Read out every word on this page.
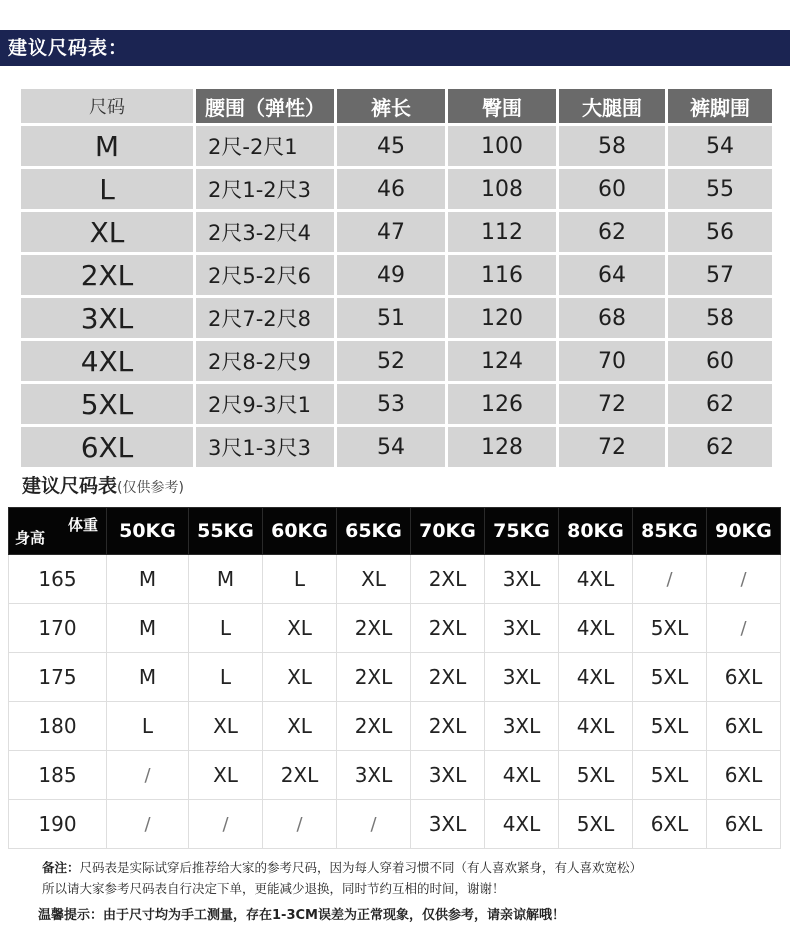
建议尺码表：
尺码	腰围（弹性）	裤长	臀围	大腿围	裤脚围
M	2尺-2尺1	45	100	58	54
L	2尺1-2尺3	46	108	60	55
XL	2尺3-2尺4	47	112	62	56
2XL	2尺5-2尺6	49	116	64	57
3XL	2尺7-2尺8	51	120	68	58
4XL	2尺8-2尺9	52	124	70	60
5XL	2尺9-3尺1	53	126	72	62
6XL	3尺1-3尺3	54	128	72	62
建议尺码表(仅供参考)
体重
身高	50KG	55KG	60KG	65KG	70KG	75KG	80KG	85KG	90KG
165	M	M	L	XL	2XL	3XL	4XL	/	/
170	M	L	XL	2XL	2XL	3XL	4XL	5XL	/
175	M	L	XL	2XL	2XL	3XL	4XL	5XL	6XL
180	L	XL	XL	2XL	2XL	3XL	4XL	5XL	6XL
185	/	XL	2XL	3XL	3XL	4XL	5XL	5XL	6XL
190	/	/	/	/	3XL	4XL	5XL	6XL	6XL
备注：尺码表是实际试穿后推荐给大家的参考尺码，因为每人穿着习惯不同（有人喜欢紧身，有人喜欢宽松）
所以请大家参考尺码表自行决定下单，更能减少退换，同时节约互相的时间，谢谢！
温馨提示：由于尺寸均为手工测量，存在1-3CM误差为正常现象，仅供参考，请亲谅解哦！
